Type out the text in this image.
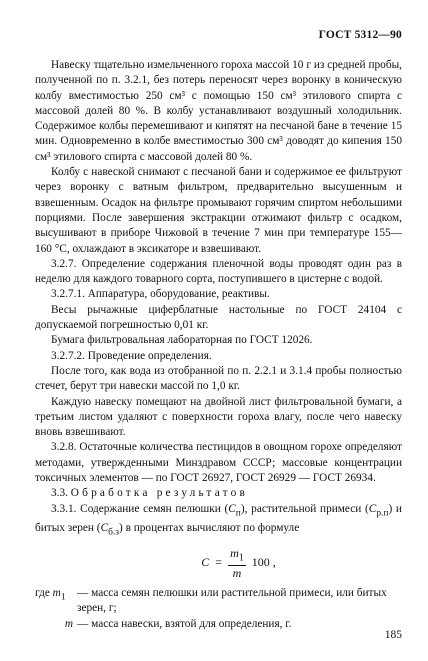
ГОСТ 5312—90

Навеску тщательно измельченного гороха массой 10 г из средней пробы, полученной по п. 3.2.1, без потерь переносят через воронку в коническую колбу вместимостью 250 см³ с помощью 150 см³ этилового спирта с массовой долей 80 %. В колбу устанавливают воздушный холодильник. Содержимое колбы перемешивают и кипятят на песчаной бане в течение 15 мин. Одновременно в колбе вместимостью 300 см³ доводят до кипения 150 см³ этилового спирта с массовой долей 80 %.

Колбу с навеской снимают с песчаной бани и содержимое ее фильтруют через воронку с ватным фильтром, предварительно высушенным и взвешенным. Осадок на фильтре промывают горячим спиртом небольшими порциями. После завершения экстракции отжимают фильтр с осадком, высушивают в приборе Чижовой в течение 7 мин при температуре 155—160 °С, охлаждают в эксикаторе и взвешивают.

3.2.7. Определение содержания пленочной воды проводят один раз в неделю для каждого товарного сорта, поступившего в цистерне с водой.

3.2.7.1. Аппаратура, оборудование, реактивы.

Весы рычажные циферблатные настольные по ГОСТ 24104 с допускаемой погрешностью 0,01 кг.

Бумага фильтровальная лабораторная по ГОСТ 12026.

3.2.7.2. Проведение определения.

После того, как вода из отобранной по п. 2.2.1 и 3.1.4 пробы полностью стечет, берут три навески массой по 1,0 кг.

Каждую навеску помещают на двойной лист фильтровальной бумаги, а третьим листом удаляют с поверхности гороха влагу, после чего навеску вновь взвешивают.

3.2.8. Остаточные количества пестицидов в овощном горохе определяют методами, утвержденными Минздравом СССР; массовые концентрации токсичных элементов — по ГОСТ 26927, ГОСТ 26929 — ГОСТ 26934.

3.3. Обработка результатов

3.3.1. Содержание семян пелюшки $(C_п)$, растительной примеси $(C_{р.п})$ и битых зерен $(C_{б.з})$ в процентах вычисляют по формуле

$C = \frac{m_1}{m} 100$ ,
где $m_1$	— масса семян пелюшки или растительной примеси, или битых зерен, г;
m — масса навески, взятой для определения, г.
185
